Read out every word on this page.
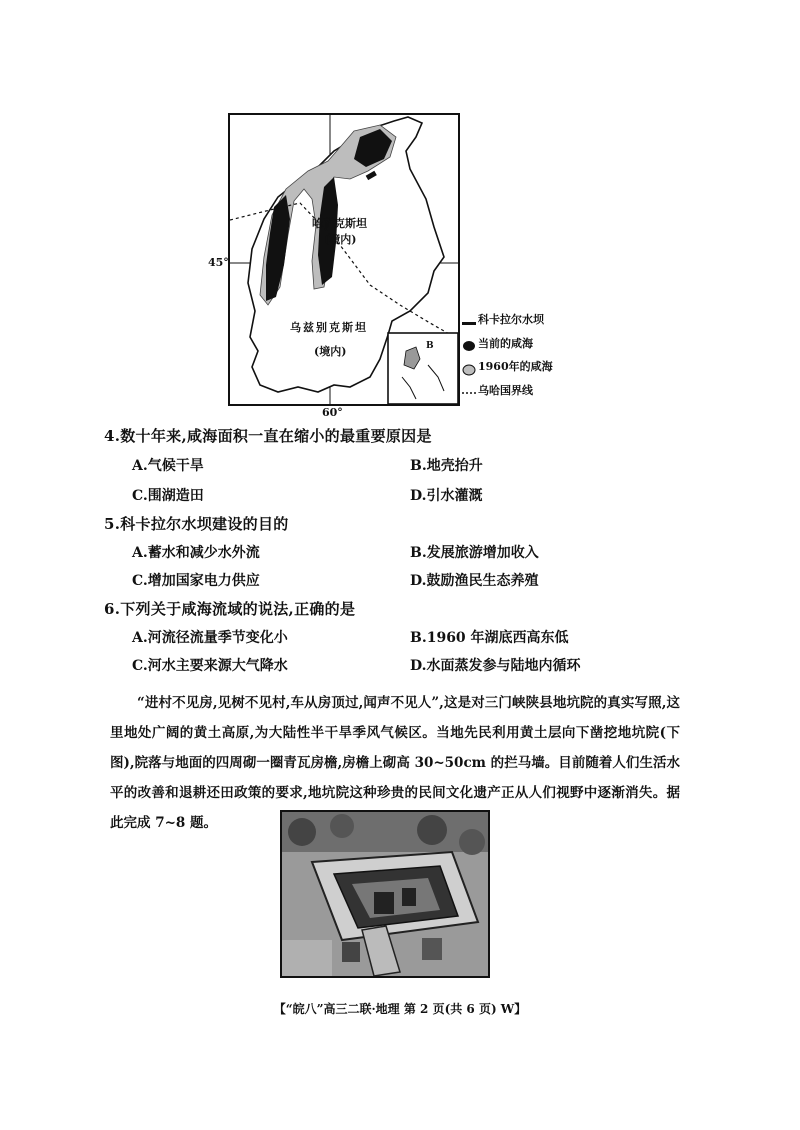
哈萨克斯坦
(境内)
乌兹别克斯坦
(境内)	B
45°
60°
科卡拉尔水坝
当前的咸海
1960年的咸海
乌哈国界线
4.数十年来,咸海面积一直在缩小的最重要原因是
A.气候干旱	B.地壳抬升
C.围湖造田	D.引水灌溉
5.科卡拉尔水坝建设的目的
A.蓄水和减少水外流	B.发展旅游增加收入
C.增加国家电力供应	D.鼓励渔民生态养殖
6.下列关于咸海流域的说法,正确的是
A.河流径流量季节变化小	B.1960 年湖底西高东低
C.河水主要来源大气降水	D.水面蒸发参与陆地内循环

“进村不见房,见树不见村,车从房顶过,闻声不见人”,这是对三门峡陕县地坑院的真实写照,这里地处广阔的黄土高原,为大陆性半干旱季风气候区。当地先民利用黄土层向下凿挖地坑院(下图),院落与地面的四周砌一圈青瓦房檐,房檐上砌高 30~50cm 的拦马墙。目前随着人们生活水平的改善和退耕还田政策的要求,地坑院这种珍贵的民间文化遗产正从人们视野中逐渐消失。据此完成 7~8 题。

【“皖八”高三二联·地理 第 2 页(共 6 页) W】
